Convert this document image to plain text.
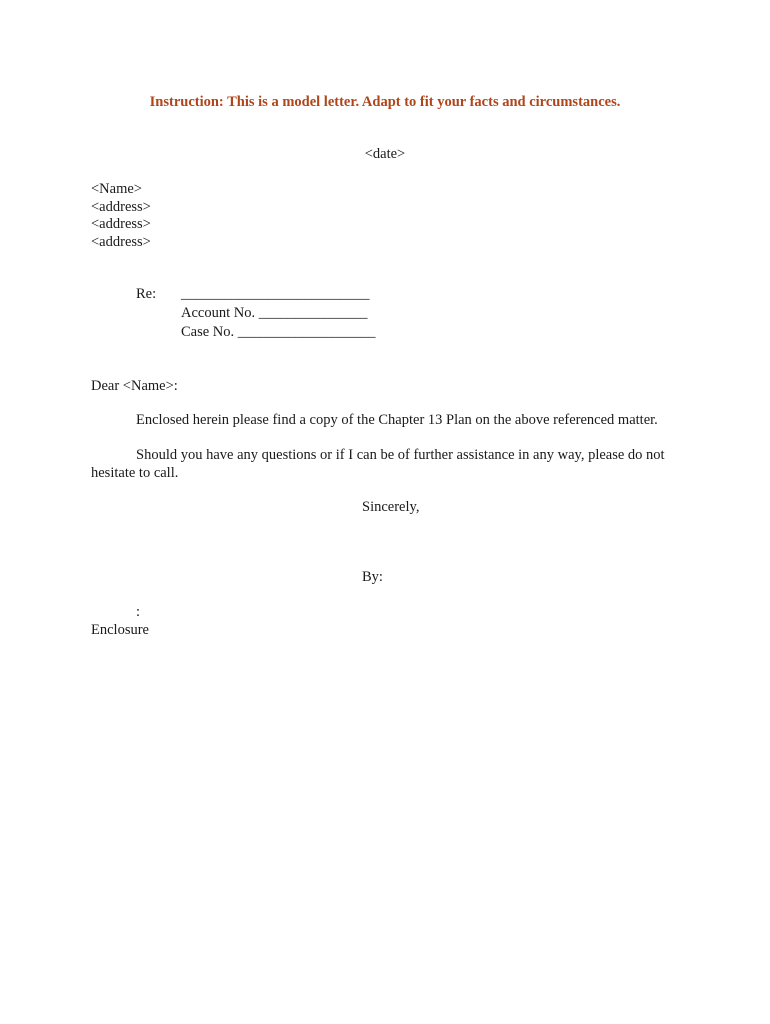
Instruction: This is a model letter. Adapt to fit your facts and circumstances.
<date>
<Name>
<address>
<address>
<address>
Re: __________________________
Account No. _______________
Case No. ___________________
Dear <Name>:
Enclosed herein please find a copy of the Chapter 13 Plan on the above referenced matter.
Should you have any questions or if I can be of further assistance in any way, please do not
hesitate to call.
Sincerely,
By:
:
Enclosure
